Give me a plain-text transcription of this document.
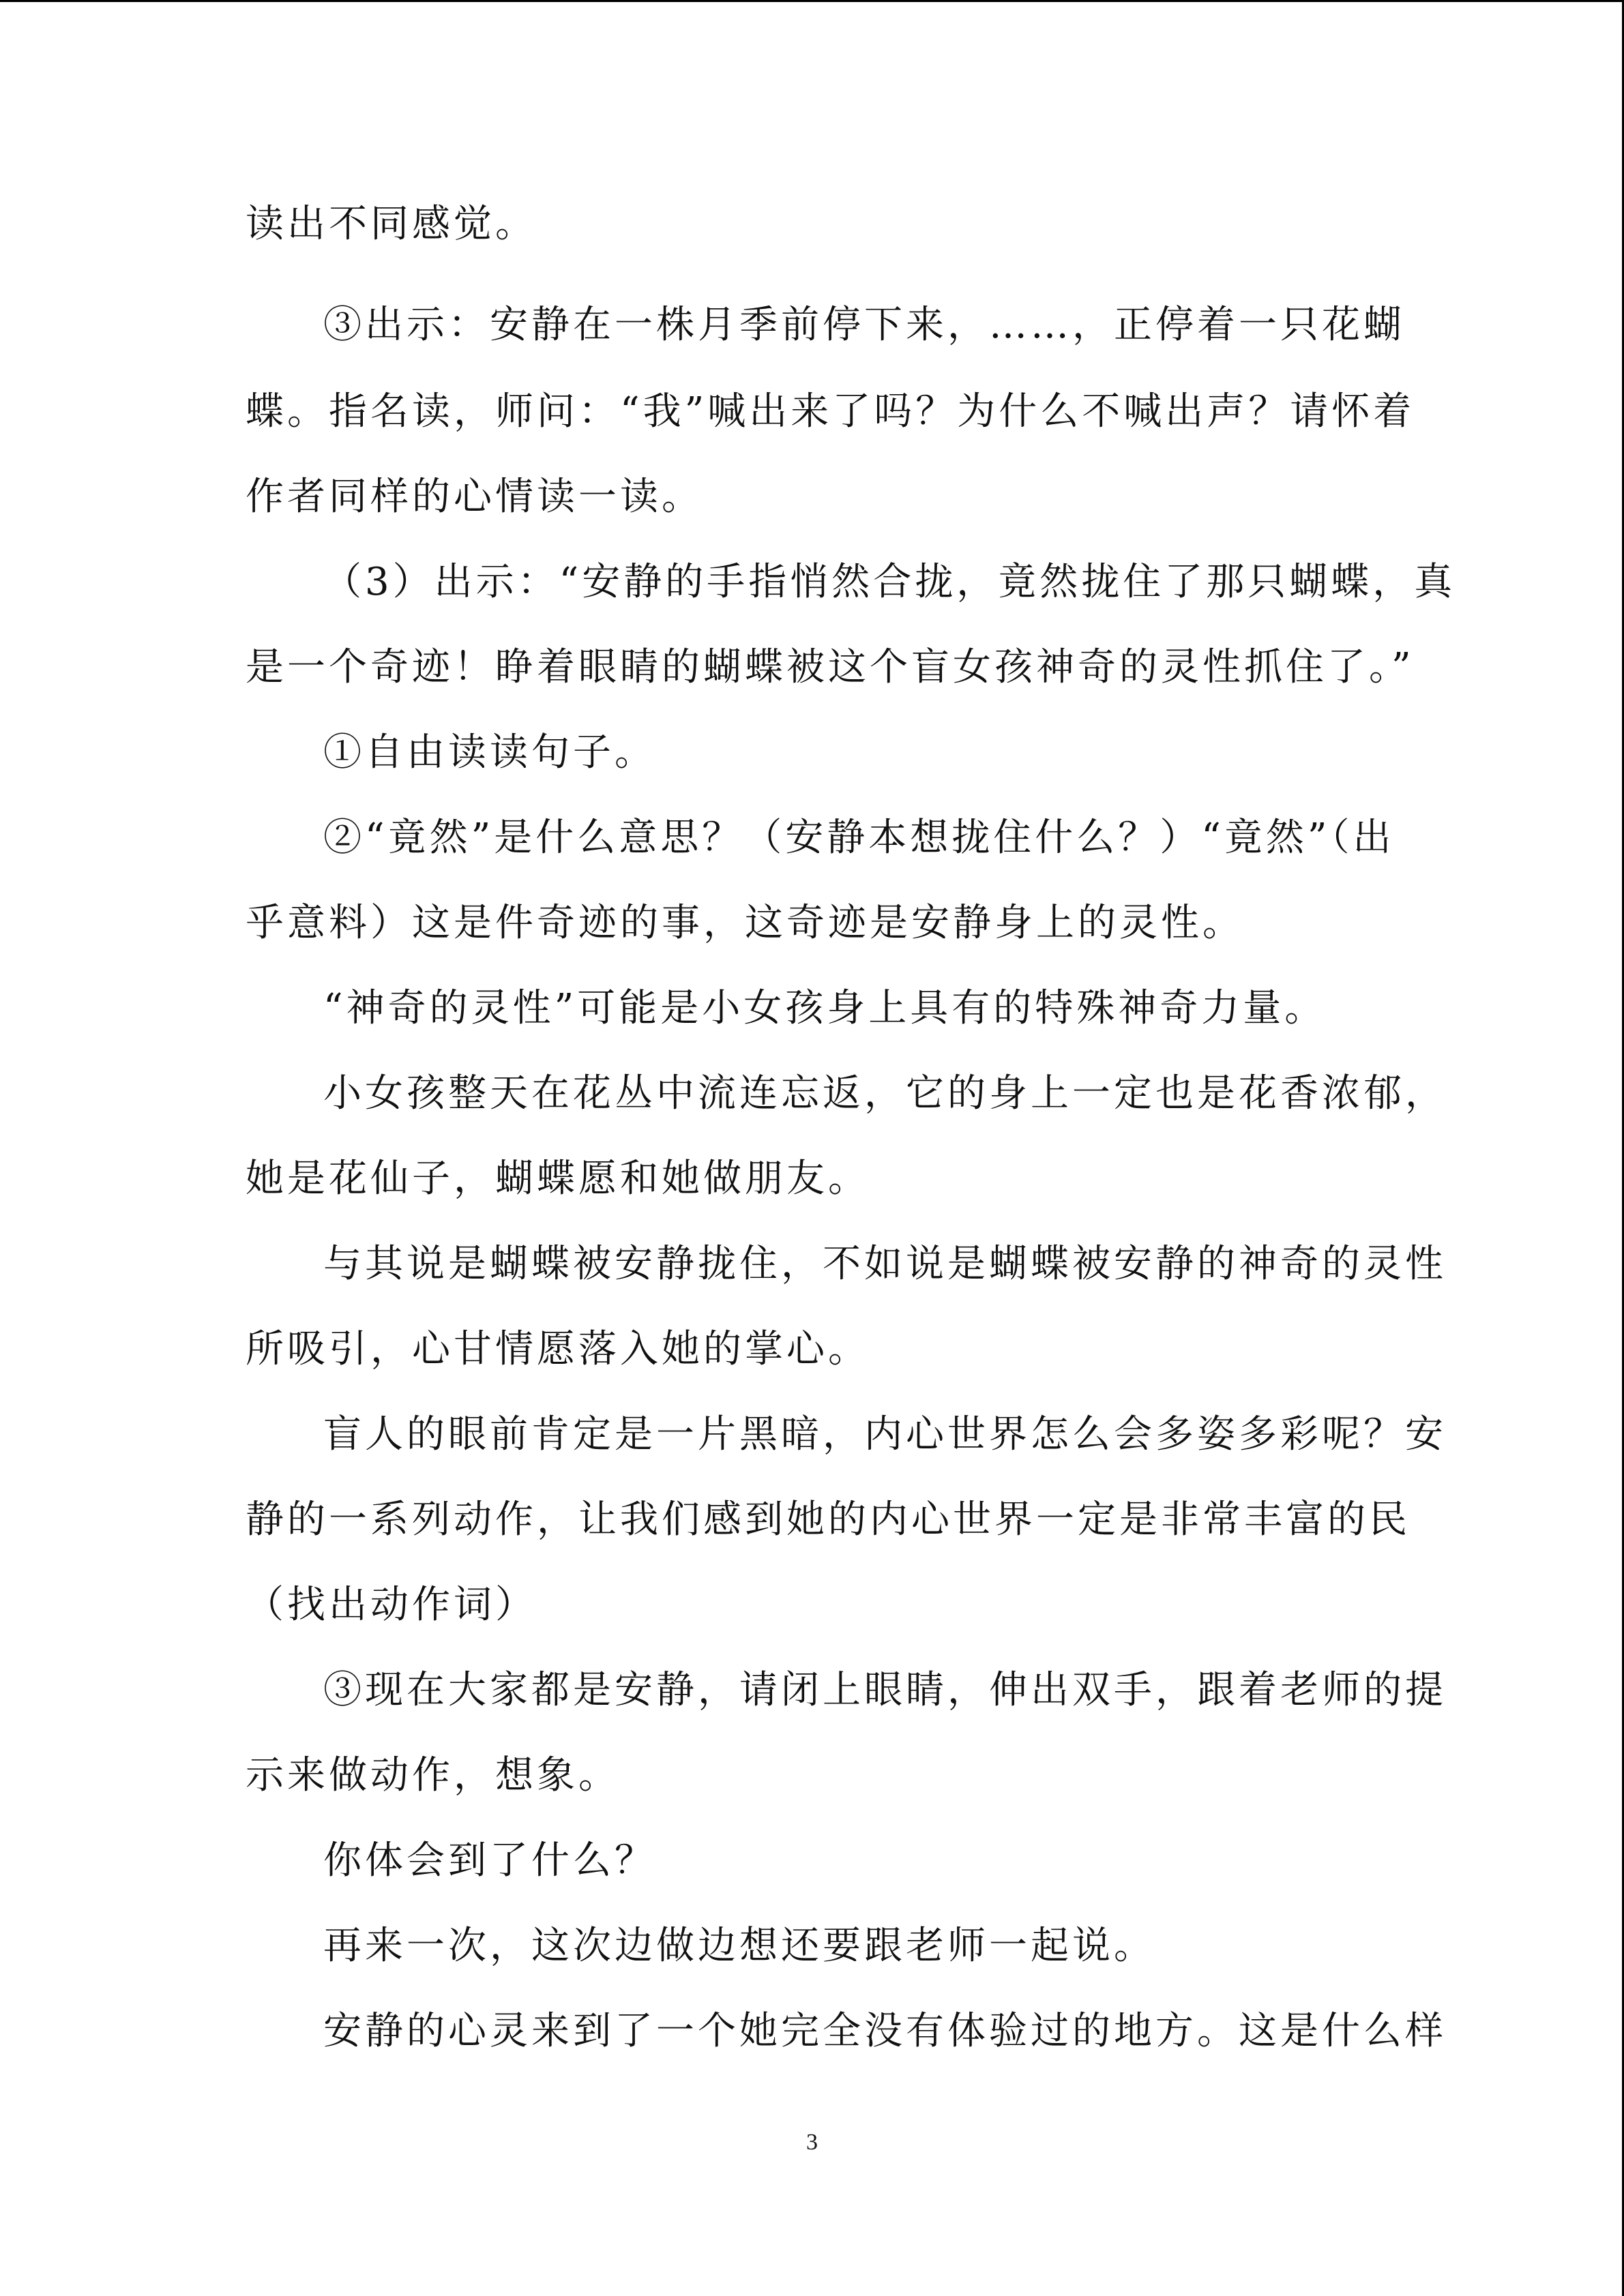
读出不同感觉。
③出示：安静在一株月季前停下来，……，正停着一只花蝴
蝶。指名读，师问：“我”喊出来了吗？为什么不喊出声？请怀着
作者同样的心情读一读。
（3）出示：“安静的手指悄然合拢，竟然拢住了那只蝴蝶，真
是一个奇迹！睁着眼睛的蝴蝶被这个盲女孩神奇的灵性抓住了。”
①自由读读句子。
②“竟然”是什么意思？（安静本想拢住什么？）“竟然”（出
乎意料）这是件奇迹的事，这奇迹是安静身上的灵性。
“神奇的灵性”可能是小女孩身上具有的特殊神奇力量。
小女孩整天在花丛中流连忘返，它的身上一定也是花香浓郁，
她是花仙子，蝴蝶愿和她做朋友。
与其说是蝴蝶被安静拢住，不如说是蝴蝶被安静的神奇的灵性
所吸引，心甘情愿落入她的掌心。
盲人的眼前肯定是一片黑暗，内心世界怎么会多姿多彩呢？安
静的一系列动作，让我们感到她的内心世界一定是非常丰富的民
（找出动作词）
③现在大家都是安静，请闭上眼睛，伸出双手，跟着老师的提
示来做动作，想象。
你体会到了什么？
再来一次，这次边做边想还要跟老师一起说。
安静的心灵来到了一个她完全没有体验过的地方。这是什么样
3
